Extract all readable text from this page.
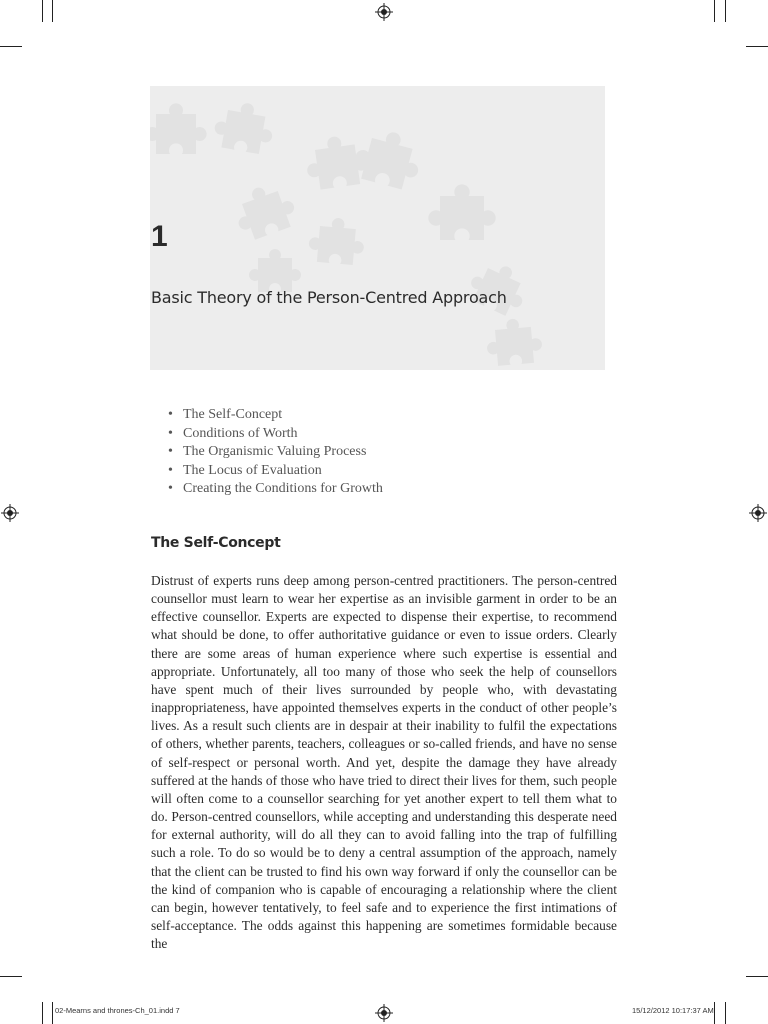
1
Basic Theory of the Person-Centred Approach
• The Self-Concept
• Conditions of Worth
• The Organismic Valuing Process
• The Locus of Evaluation
• Creating the Conditions for Growth
The Self-Concept

Distrust of experts runs deep among person-centred practitioners. The person-centred counsellor must learn to wear her expertise as an invisible garment in order to be an effective counsellor. Experts are expected to dispense their expertise, to recommend what should be done, to offer authoritative guidance or even to issue orders. Clearly there are some areas of human experience where such expertise is essential and appropriate. Unfortunately, all too many of those who seek the help of counsellors have spent much of their lives surrounded by people who, with devastating inappropriateness, have appointed themselves experts in the conduct of other people’s lives. As a result such clients are in despair at their inability to fulfil the expectations of others, whether parents, teachers, colleagues or so-called friends, and have no sense of self-respect or personal worth. And yet, despite the damage they have already suffered at the hands of those who have tried to direct their lives for them, such people will often come to a counsellor searching for yet another expert to tell them what to do. Person-centred counsellors, while accepting and understanding this desperate need for external authority, will do all they can to avoid falling into the trap of fulfilling such a role. To do so would be to deny a central assumption of the approach, namely that the client can be trusted to find his own way forward if only the counsellor can be the kind of companion who is capable of encouraging a relationship where the client can begin, however tentatively, to feel safe and to experience the first intimations of self-acceptance. The odds against this happening are sometimes formidable because the

02-Mearns and thrones-Ch_01.indd 7	15/12/2012 10:17:37 AM
